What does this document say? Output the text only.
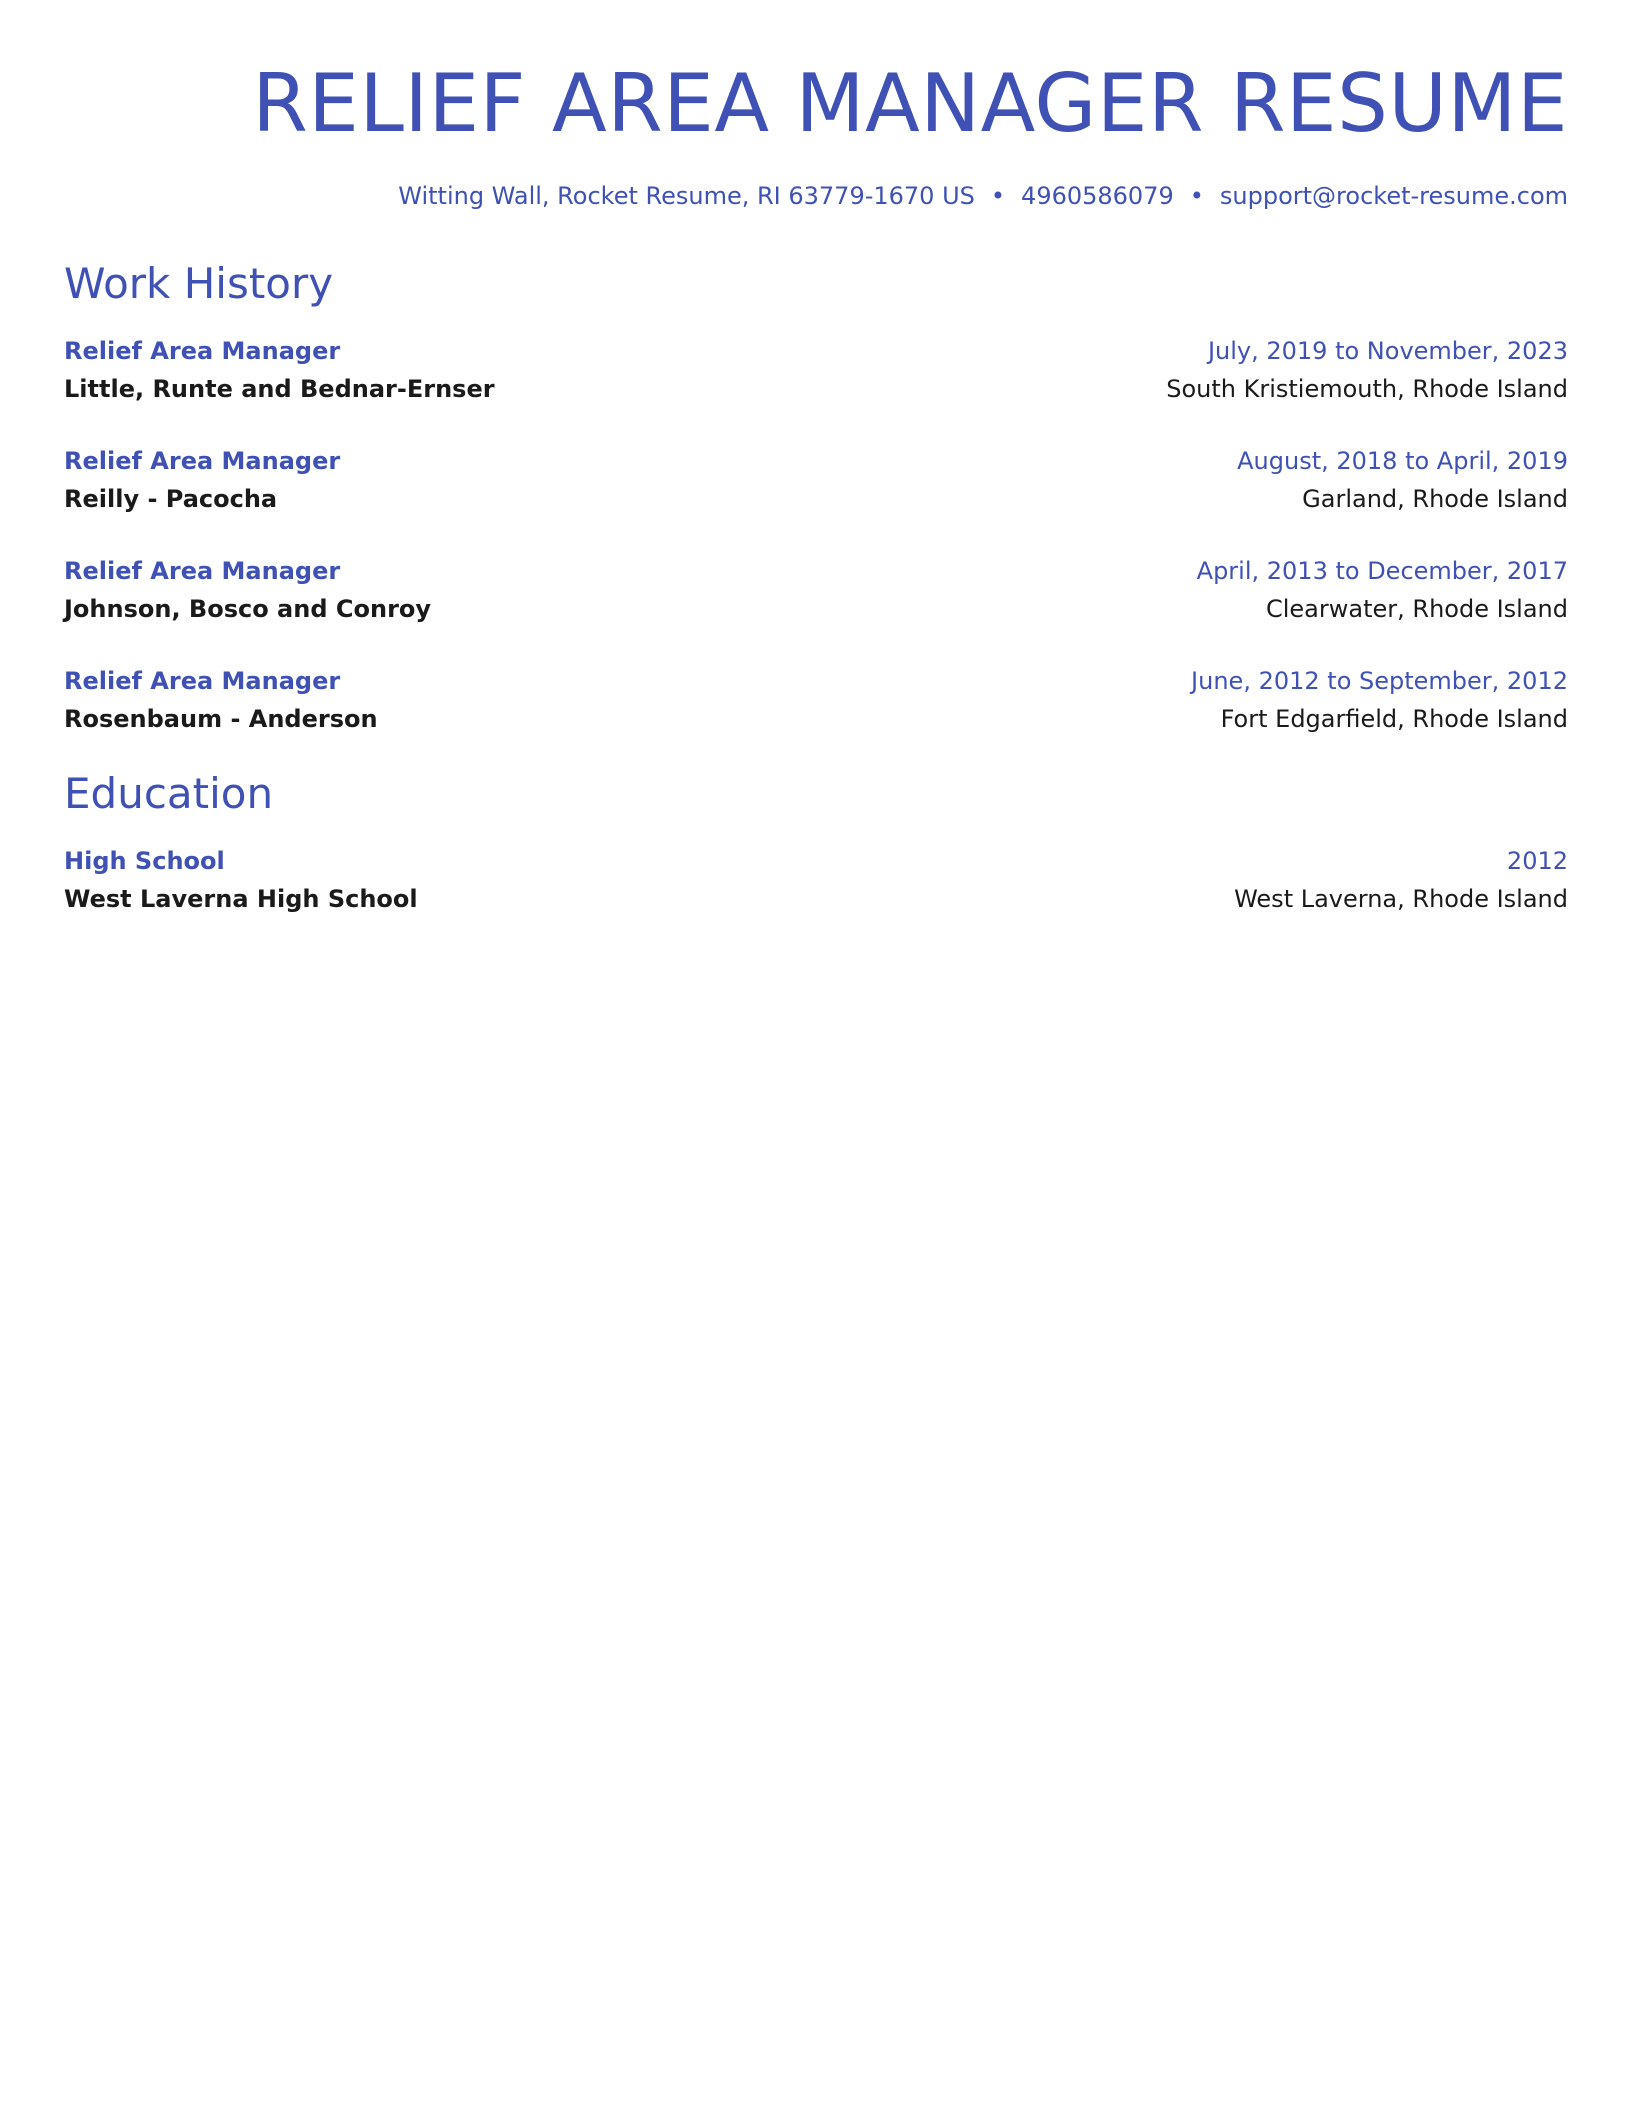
RELIEF AREA MANAGER RESUME
Witting Wall, Rocket Resume, RI 63779-1670 US • 4960586079 • support@rocket-resume.com
Work History
Relief Area Manager	July, 2019 to November, 2023
Little, Runte and Bednar-Ernser	South Kristiemouth, Rhode Island
Relief Area Manager	August, 2018 to April, 2019
Reilly - Pacocha	Garland, Rhode Island
Relief Area Manager	April, 2013 to December, 2017
Johnson, Bosco and Conroy	Clearwater, Rhode Island
Relief Area Manager	June, 2012 to September, 2012
Rosenbaum - Anderson	Fort Edgarfield, Rhode Island
Education
High School	2012
West Laverna High School	West Laverna, Rhode Island
